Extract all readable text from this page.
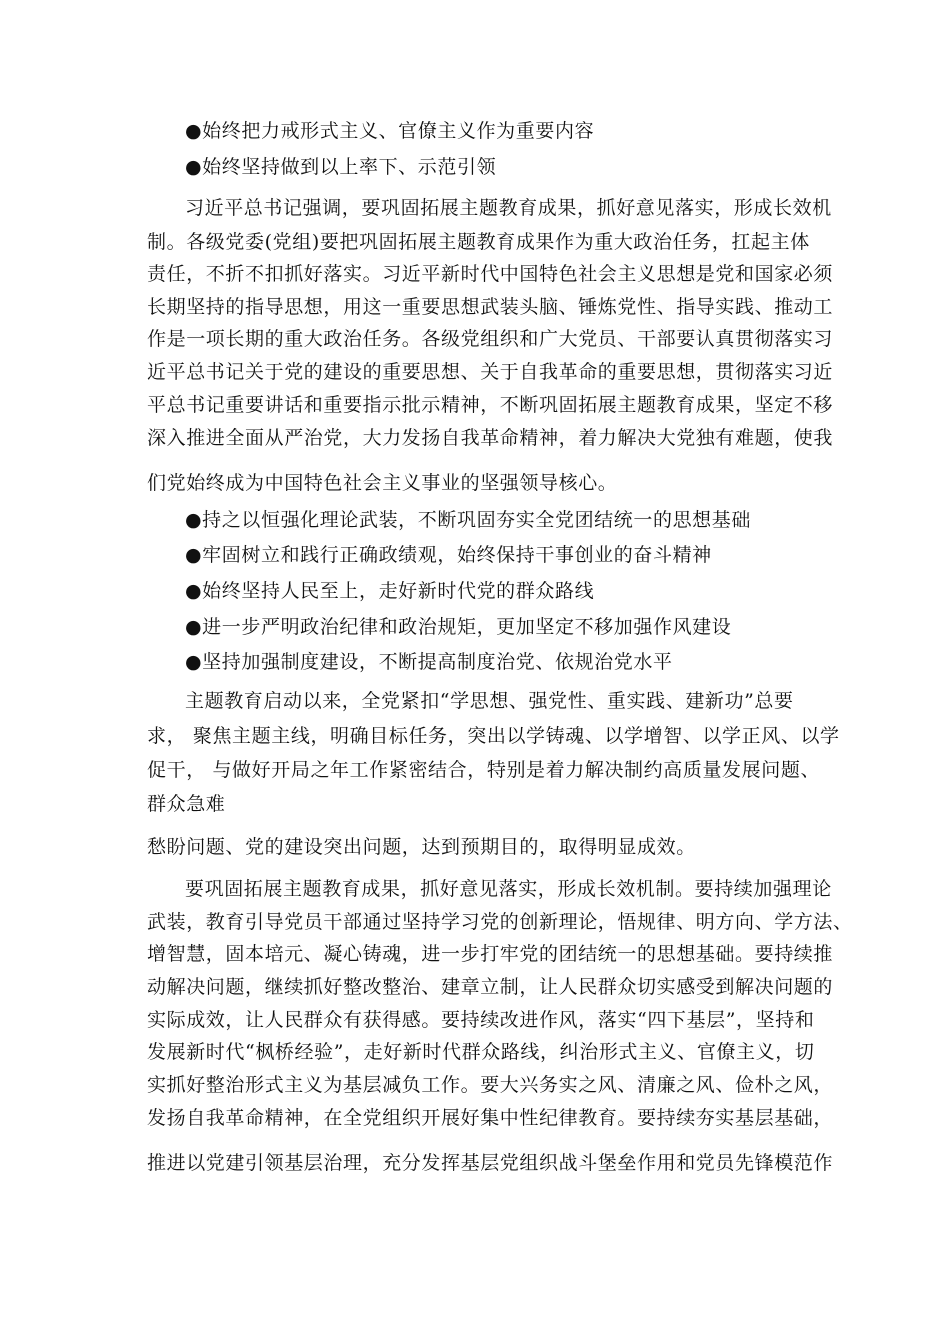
●始终把力戒形式主义、官僚主义作为重要内容
●始终坚持做到以上率下、示范引领
习近平总书记强调，要巩固拓展主题教育成果，抓好意见落实，形成长效机
制。各级党委(党组)要把巩固拓展主题教育成果作为重大政治任务，扛起主体
责任，不折不扣抓好落实。习近平新时代中国特色社会主义思想是党和国家必须
长期坚持的指导思想，用这一重要思想武装头脑、锤炼党性、指导实践、推动工
作是一项长期的重大政治任务。各级党组织和广大党员、干部要认真贯彻落实习
近平总书记关于党的建设的重要思想、关于自我革命的重要思想，贯彻落实习近
平总书记重要讲话和重要指示批示精神，不断巩固拓展主题教育成果，坚定不移
深入推进全面从严治党，大力发扬自我革命精神，着力解决大党独有难题，使我
们党始终成为中国特色社会主义事业的坚强领导核心。
●持之以恒强化理论武装，不断巩固夯实全党团结统一的思想基础
●牢固树立和践行正确政绩观，始终保持干事创业的奋斗精神
●始终坚持人民至上，走好新时代党的群众路线
●进一步严明政治纪律和政治规矩，更加坚定不移加强作风建设
●坚持加强制度建设，不断提高制度治党、依规治党水平
主题教育启动以来，全党紧扣“学思想、强党性、重实践、建新功”总要
求， 聚焦主题主线，明确目标任务，突出以学铸魂、以学增智、以学正风、以学
促干， 与做好开局之年工作紧密结合，特别是着力解决制约高质量发展问题、
群众急难
愁盼问题、党的建设突出问题，达到预期目的，取得明显成效。
要巩固拓展主题教育成果，抓好意见落实，形成长效机制。要持续加强理论
武装，教育引导党员干部通过坚持学习党的创新理论，悟规律、明方向、学方法、
增智慧，固本培元、凝心铸魂，进一步打牢党的团结统一的思想基础。要持续推
动解决问题，继续抓好整改整治、建章立制，让人民群众切实感受到解决问题的
实际成效，让人民群众有获得感。要持续改进作风，落实“四下基层”，坚持和
发展新时代“枫桥经验”，走好新时代群众路线，纠治形式主义、官僚主义，切
实抓好整治形式主义为基层减负工作。要大兴务实之风、清廉之风、俭朴之风，
发扬自我革命精神，在全党组织开展好集中性纪律教育。要持续夯实基层基础，
推进以党建引领基层治理，充分发挥基层党组织战斗堡垒作用和党员先锋模范作
